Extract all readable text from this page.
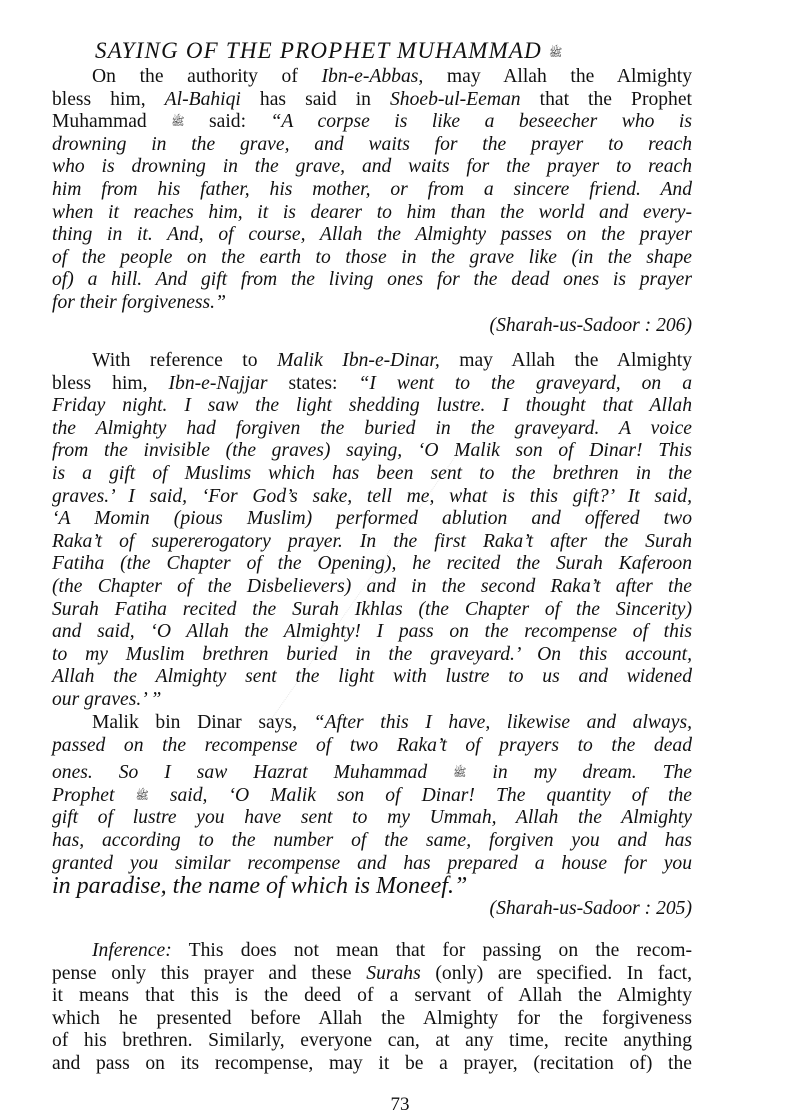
SAYING OF THE PROPHET MUHAMMAD ﷺ
On the authority of Ibn-e-Abbas, may Allah the Almighty
bless him, Al-Bahiqi has said in Shoeb-ul-Eeman that the Prophet
Muhammad ﷺ said: “A corpse is like a beseecher who is
drowning in the grave, and waits for the prayer to reach
who is drowning in the grave, and waits for the prayer to reach
him from his father, his mother, or from a sincere friend. And
when it reaches him, it is dearer to him than the world and every-
thing in it. And, of course, Allah the Almighty passes on the prayer
of the people on the earth to those in the grave like (in the shape
of) a hill. And gift from the living ones for the dead ones is prayer
for their forgiveness.”
(Sharah-us-Sadoor : 206)
With reference to Malik Ibn-e-Dinar, may Allah the Almighty
bless him, Ibn-e-Najjar states: “I went to the graveyard, on a
Friday night. I saw the light shedding lustre. I thought that Allah
the Almighty had forgiven the buried in the graveyard. A voice
from the invisible (the graves) saying, ‘O Malik son of Dinar! This
is a gift of Muslims which has been sent to the brethren in the
graves.’ I said, ‘For God’s sake, tell me, what is this gift?’ It said,
‘A Momin (pious Muslim) performed ablution and offered two
Raka’t of supererogatory prayer. In the first Raka’t after the Surah
Fatiha (the Chapter of the Opening), he recited the Surah Kaferoon
(the Chapter of the Disbelievers) and in the second Raka’t after the
Surah Fatiha recited the Surah Ikhlas (the Chapter of the Sincerity)
and said, ‘O Allah the Almighty! I pass on the recompense of this
to my Muslim brethren buried in the graveyard.’ On this account,
Allah the Almighty sent the light with lustre to us and widened
our graves.’ ”
Malik bin Dinar says, “After this I have, likewise and always,
passed on the recompense of two Raka’t of prayers to the dead
ones. So I saw Hazrat Muhammad ﷺ in my dream. The
Prophet ﷺ said, ‘O Malik son of Dinar! The quantity of the
gift of lustre you have sent to my Ummah, Allah the Almighty
has, according to the number of the same, forgiven you and has
granted you similar recompense and has prepared a house for you
in paradise, the name of which is Moneef.”
(Sharah-us-Sadoor : 205)
Inference: This does not mean that for passing on the recom-
pense only this prayer and these Surahs (only) are specified. In fact,
it means that this is the deed of a servant of Allah the Almighty
which he presented before Allah the Almighty for the forgiveness
of his brethren. Similarly, everyone can, at any time, recite anything
and pass on its recompense, may it be a prayer, (recitation of) the
73
